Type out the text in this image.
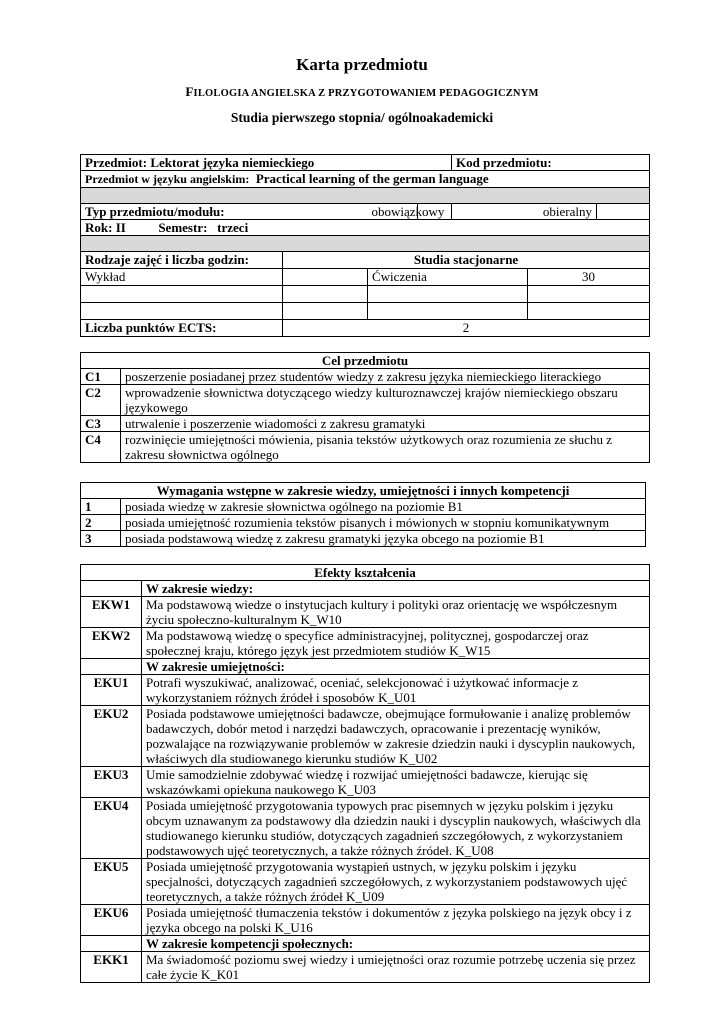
Karta przedmiotu
FILOLOGIA ANGIELSKA Z PRZYGOTOWANIEM PEDAGOGICZNYM
Studia pierwszego stopnia/ ogólnoakademicki
Przedmiot: Lektorat języka niemieckiego				Kod przedmiotu:	
Przedmiot w języku angielskim: Practical learning of the german language					

Typ przedmiotu/modułu:		obowiązkowy		obieralny	
Rok: II Semestr: trzeci					

Rodzaje zajęć i liczba godzin:	Studia stacjonarne		
Wykład		Ćwiczenia	30

Liczba punktów ECTS:	2		
Cel przedmiotu	
C1	poszerzenie posiadanej przez studentów wiedzy z zakresu języka niemieckiego literackiego
C2	wprowadzenie słownictwa dotyczącego wiedzy kulturoznawczej krajów niemieckiego obszaru językowego
C3	utrwalenie i poszerzenie wiadomości z zakresu gramatyki
C4	rozwinięcie umiejętności mówienia, pisania tekstów użytkowych oraz rozumienia ze słuchu z zakresu słownictwa ogólnego
Wymagania wstępne w zakresie wiedzy, umiejętności i innych kompetencji	
1	posiada wiedzę w zakresie słownictwa ogólnego na poziomie B1
2	posiada umiejętność rozumienia tekstów pisanych i mówionych w stopniu komunikatywnym
3	posiada podstawową wiedzę z zakresu gramatyki języka obcego na poziomie B1
Efekty kształcenia	
	W zakresie wiedzy:
EKW1	Ma podstawową wiedze o instytucjach kultury i polityki oraz orientację we współczesnym życiu społeczno-kulturalnym K_W10
EKW2	Ma podstawową wiedzę o specyfice administracyjnej, politycznej, gospodarczej oraz społecznej kraju, którego język jest przedmiotem studiów K_W15
	W zakresie umiejętności:
EKU1	Potrafi wyszukiwać, analizować, oceniać, selekcjonować i użytkować informacje z wykorzystaniem różnych źródeł i sposobów K_U01
EKU2	Posiada podstawowe umiejętności badawcze, obejmujące formułowanie i analizę problemów badawczych, dobór metod i narzędzi badawczych, opracowanie i prezentację wyników, pozwalające na rozwiązywanie problemów w zakresie dziedzin nauki i dyscyplin naukowych, właściwych dla studiowanego kierunku studiów K_U02
EKU3	Umie samodzielnie zdobywać wiedzę i rozwijać umiejętności badawcze, kierując się wskazówkami opiekuna naukowego K_U03
EKU4	Posiada umiejętność przygotowania typowych prac pisemnych w języku polskim i języku obcym uznawanym za podstawowy dla dziedzin nauki i dyscyplin naukowych, właściwych dla studiowanego kierunku studiów, dotyczących zagadnień szczegółowych, z wykorzystaniem podstawowych ujęć teoretycznych, a także różnych źródeł. K_U08
EKU5	Posiada umiejętność przygotowania wystąpień ustnych, w języku polskim i języku specjalności, dotyczących zagadnień szczegółowych, z wykorzystaniem podstawowych ujęć teoretycznych, a także różnych źródeł K_U09
EKU6	Posiada umiejętność tłumaczenia tekstów i dokumentów z języka polskiego na język obcy i z języka obcego na polski K_U16
	W zakresie kompetencji społecznych:
EKK1	Ma świadomość poziomu swej wiedzy i umiejętności oraz rozumie potrzebę uczenia się przez całe życie K_K01
